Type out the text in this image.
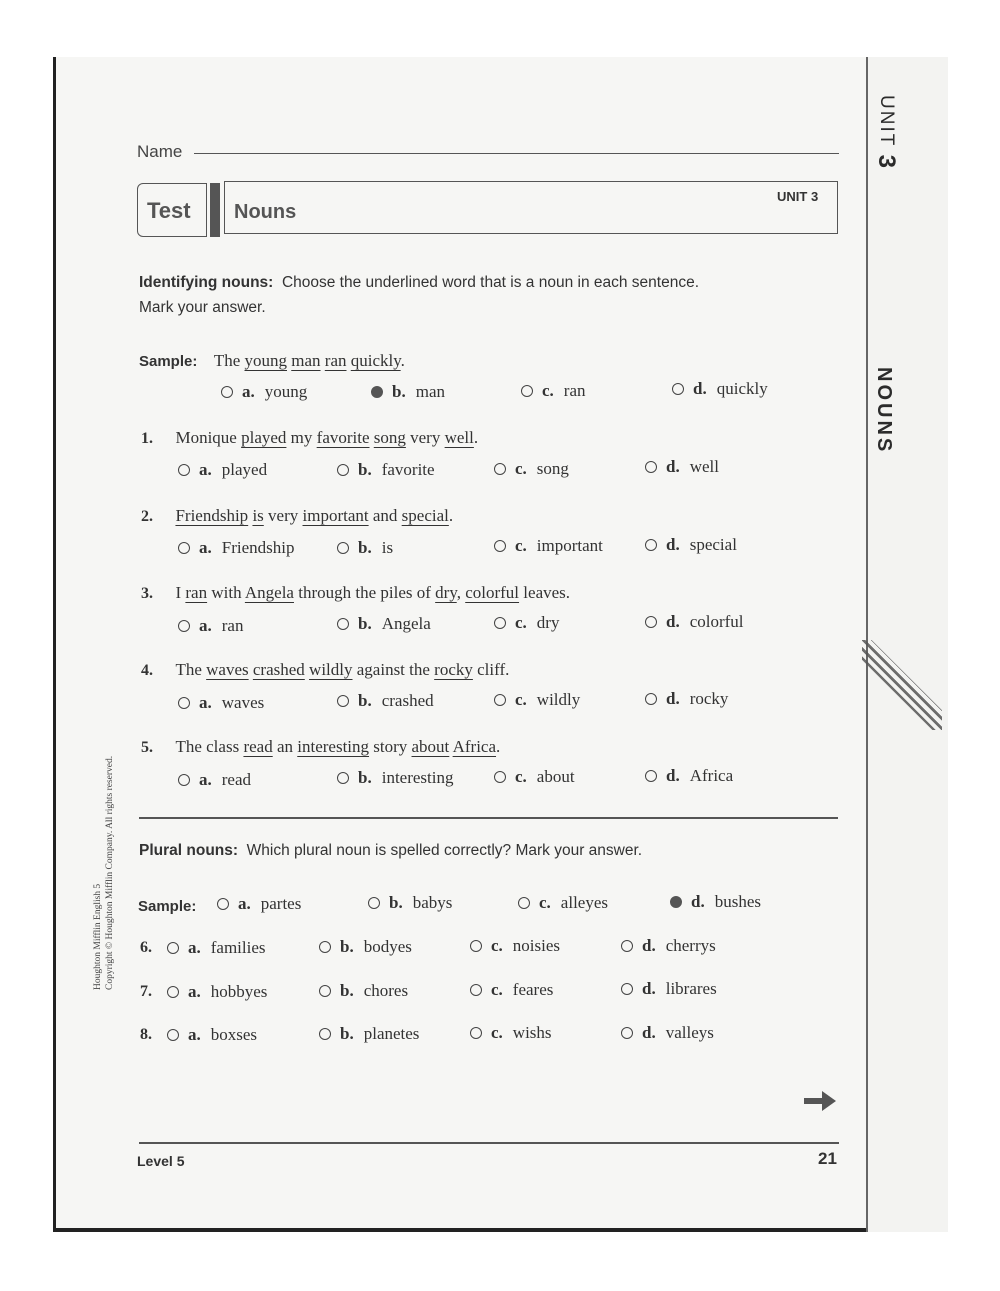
UNIT 3
NOUNS
Houghton Mifflin English 5 Copyright © Houghton Mifflin Company. All rights reserved.
Name
Test Nouns
UNIT 3
Identifying nouns: Choose the underlined word that is a noun in each sentence.
Mark your answer.
Sample: The young man ran quickly.
a. young	b. man	c. ran	d. quickly
1. Monique played my favorite song very well.
a. played	b. favorite	c. song	d. well
2. Friendship is very important and special.
a. Friendship	b. is	c. important	d. special
3. I ran with Angela through the piles of dry, colorful leaves.
a. ran	b. Angela	c. dry	d. colorful
4. The waves crashed wildly against the rocky cliff.
a. waves	b. crashed	c. wildly	d. rocky
5. The class read an interesting story about Africa.
a. read	b. interesting	c. about	d. Africa
Plural nouns: Which plural noun is spelled correctly? Mark your answer.
Sample:	a. partes	b. babys	c. alleyes	d. bushes
6.	a. families	b. bodyes	c. noisies	d. cherrys
7.	a. hobbyes	b. chores	c. feares	d. librares
8.	a. boxses	b. planetes	c. wishs	d. valleys
Level 5	21
